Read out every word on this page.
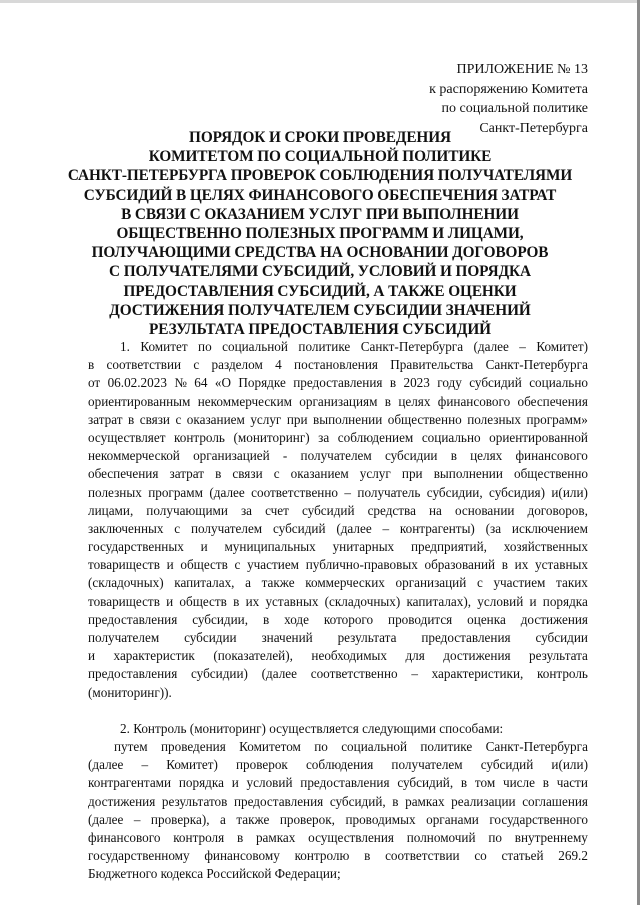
ПРИЛОЖЕНИЕ № 13
к распоряжению Комитета
по социальной политике
Санкт-Петербурга
ПОРЯДОК И СРОКИ ПРОВЕДЕНИЯ
КОМИТЕТОМ ПО СОЦИАЛЬНОЙ ПОЛИТИКЕ
САНКТ-ПЕТЕРБУРГА ПРОВЕРОК СОБЛЮДЕНИЯ ПОЛУЧАТЕЛЯМИ
СУБСИДИЙ В ЦЕЛЯХ ФИНАНСОВОГО ОБЕСПЕЧЕНИЯ ЗАТРАТ
В СВЯЗИ С ОКАЗАНИЕМ УСЛУГ ПРИ ВЫПОЛНЕНИИ
ОБЩЕСТВЕННО ПОЛЕЗНЫХ ПРОГРАММ И ЛИЦАМИ,
ПОЛУЧАЮЩИМИ СРЕДСТВА НА ОСНОВАНИИ ДОГОВОРОВ
С ПОЛУЧАТЕЛЯМИ СУБСИДИЙ, УСЛОВИЙ И ПОРЯДКА
ПРЕДОСТАВЛЕНИЯ СУБСИДИЙ, А ТАКЖЕ ОЦЕНКИ
ДОСТИЖЕНИЯ ПОЛУЧАТЕЛЕМ СУБСИДИИ ЗНАЧЕНИЙ
РЕЗУЛЬТАТА ПРЕДОСТАВЛЕНИЯ СУБСИДИЙ
1. Комитет по социальной политике Санкт-Петербурга (далее – Комитет)
в соответствии с разделом 4 постановления Правительства Санкт-Петербурга
от 06.02.2023 № 64 «О Порядке предоставления в 2023 году субсидий социально
ориентированным некоммерческим организациям в целях финансового обеспечения
затрат в связи с оказанием услуг при выполнении общественно полезных программ»
осуществляет контроль (мониторинг) за соблюдением социально ориентированной
некоммерческой организацией - получателем субсидии в целях финансового
обеспечения затрат в связи с оказанием услуг при выполнении общественно
полезных программ (далее соответственно – получатель субсидии, субсидия) и(или)
лицами, получающими за счет субсидий средства на основании договоров,
заключенных с получателем субсидий (далее – контрагенты) (за исключением
государственных и муниципальных унитарных предприятий, хозяйственных
товариществ и обществ с участием публично-правовых образований в их уставных
(складочных) капиталах, а также коммерческих организаций с участием таких
товариществ и обществ в их уставных (складочных) капиталах), условий и порядка
предоставления субсидии, в ходе которого проводится оценка достижения
получателем субсидии значений результата предоставления субсидии
и характеристик (показателей), необходимых для достижения результата
предоставления субсидии) (далее соответственно – характеристики, контроль
(мониторинг)).
2. Контроль (мониторинг) осуществляется следующими способами:
путем проведения Комитетом по социальной политике Санкт-Петербурга
(далее – Комитет) проверок соблюдения получателем субсидий и(или)
контрагентами порядка и условий предоставления субсидий, в том числе в части
достижения результатов предоставления субсидий, в рамках реализации соглашения
(далее – проверка), а также проверок, проводимых органами государственного
финансового контроля в рамках осуществления полномочий по внутреннему
государственному финансовому контролю в соответствии со статьей 269.2
Бюджетного кодекса Российской Федерации;
